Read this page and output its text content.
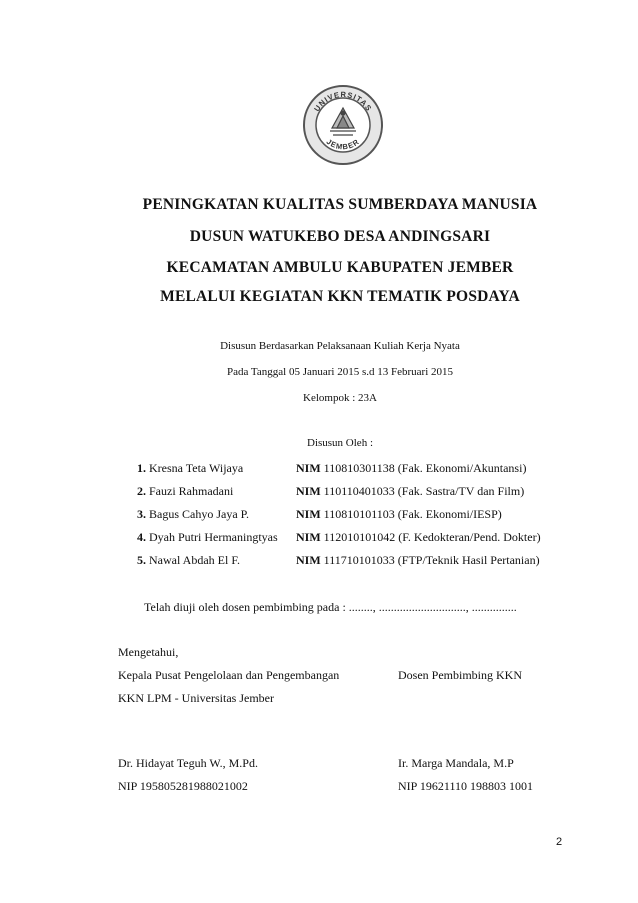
UNIVERSITAS
JEMBER
PENINGKATAN KUALITAS SUMBERDAYA MANUSIA
DUSUN WATUKEBO DESA ANDINGSARI
KECAMATAN AMBULU KABUPATEN JEMBER
MELALUI KEGIATAN KKN TEMATIK POSDAYA
Disusun Berdasarkan Pelaksanaan Kuliah Kerja Nyata
Pada Tanggal 05 Januari 2015 s.d 13 Februari 2015
Kelompok : 23A
Disusun Oleh :
1. Kresna Teta Wijaya	NIM 110810301138 (Fak. Ekonomi/Akuntansi)
2. Fauzi Rahmadani	NIM 110110401033 (Fak. Sastra/TV dan Film)
3. Bagus Cahyo Jaya P.	NIM 110810101103 (Fak. Ekonomi/IESP)
4. Dyah Putri Hermaningtyas NIM 112010101042 (F. Kedokteran/Pend. Dokter)
5. Nawal Abdah El F.	NIM 111710101033 (FTP/Teknik Hasil Pertanian)
Telah diuji oleh dosen pembimbing pada : ........, ............................., ...............
Mengetahui,
Kepala Pusat Pengelolaan dan Pengembangan	Dosen Pembimbing KKN
KKN LPM - Universitas Jember
Dr. Hidayat Teguh W., M.Pd.	Ir. Marga Mandala, M.P
NIP 195805281988021002	NIP 19621110 198803 1001
2
